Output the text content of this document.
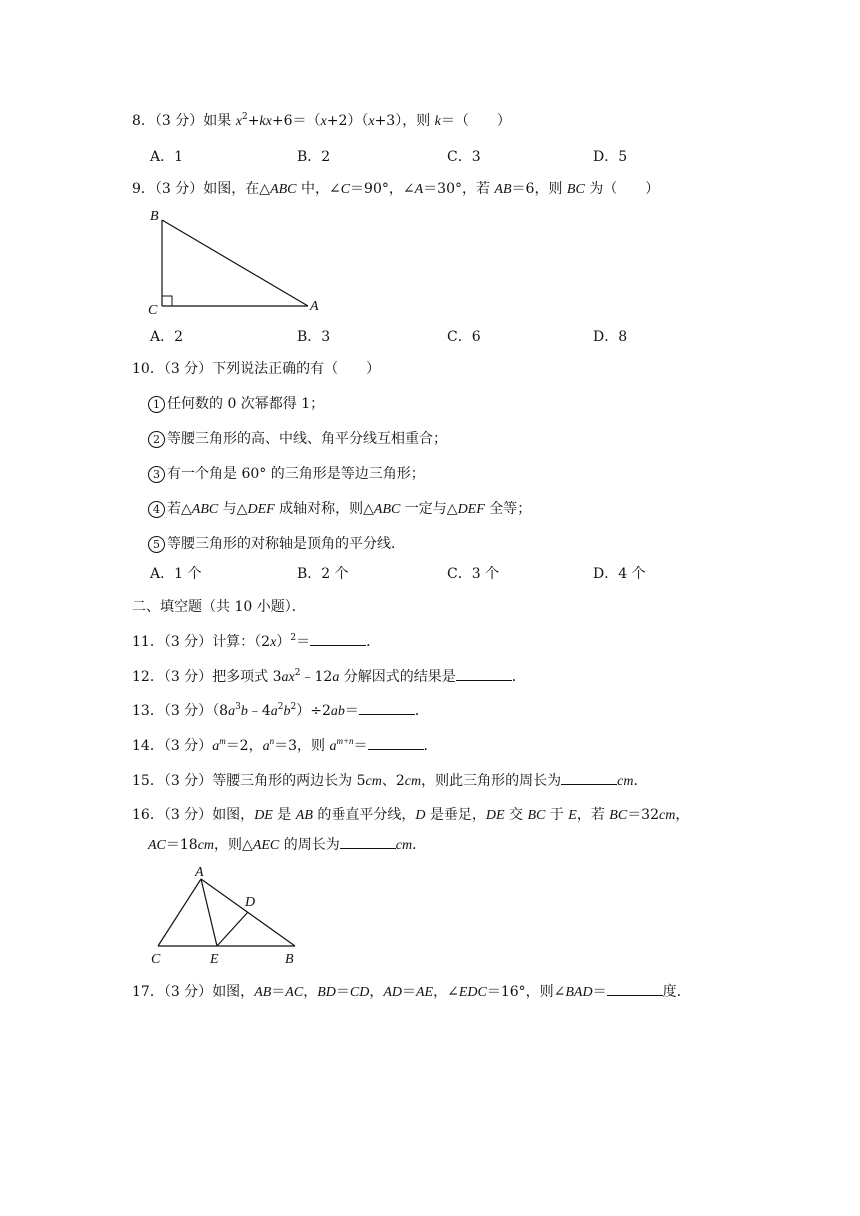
8．（3 分）如果 $x^2+kx+6=(x+2)(x+3)$，则 k＝（　　）
A．1	B．2	C．3	D．5
9．（3 分）如图，在△ABC 中，∠C＝90°，∠A＝30°，若 AB＝6，则 BC 为（　　）
B
C	A
A．2	B．3	C．6	D．8
10．（3 分）下列说法正确的有（　　）
1 任何数的 0 次幂都得 1；
2 等腰三角形的高、中线、角平分线互相重合；
3 有一个角是 60° 的三角形是等边三角形；
4 若△ABC 与△DEF 成轴对称，则△ABC 一定与△DEF 全等；
5 等腰三角形的对称轴是顶角的平分线．
A．1 个	B．2 个	C．3 个	D．4 个
二、填空题（共 10 小题）．
11．（3 分）计算：$(2x)^2=$	．
12．（3 分）把多项式 $3ax^2﹣12a$ 分解因式的结果是	．
13．（3 分）$(8a^3b﹣4a^2b^2)\div 2ab=$	．
14．（3 分）$a^m=2$，$a^n=3$，则 $a^{m+n}=$	．
15．（3 分）等腰三角形的两边长为 5cm、2cm，则此三角形的周长为	cm．
16．（3 分）如图，DE 是 AB 的垂直平分线，D 是垂足，DE 交 BC 于 E，若 BC＝32cm，
AC＝18cm，则△AEC 的周长为	cm．
A
D
C	E	B
17．（3 分）如图，AB＝AC，BD＝CD，AD＝AE，∠EDC＝16°，则∠BAD＝	度．
